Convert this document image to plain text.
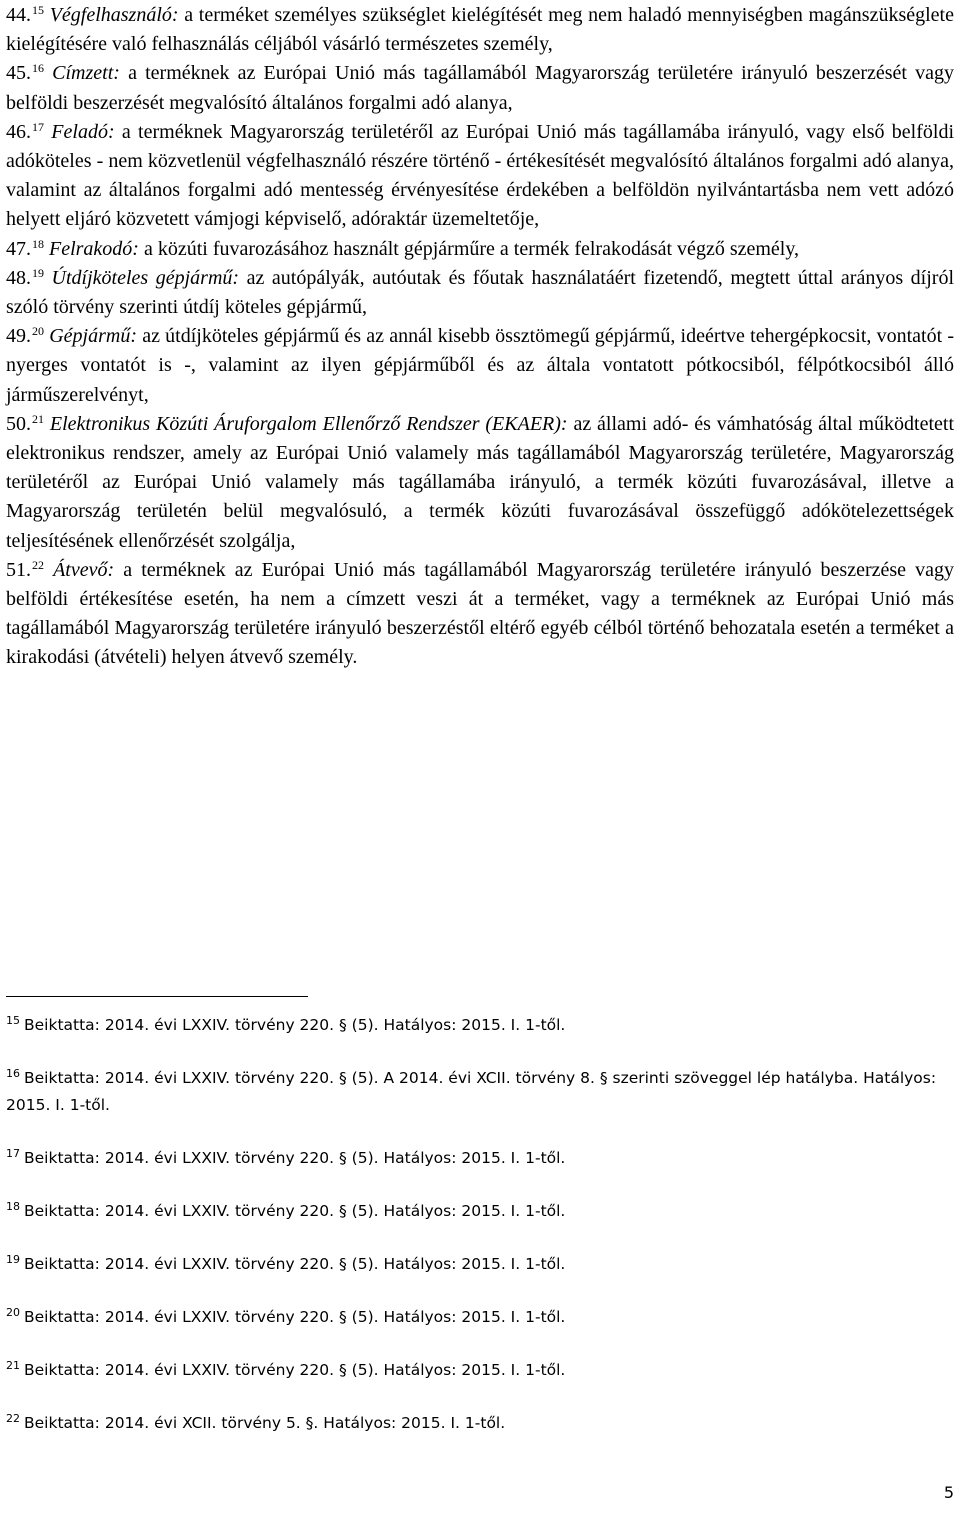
44.15 Végfelhasználó: a terméket személyes szükséglet kielégítését meg nem haladó mennyiségben magánszükséglete kielégítésére való felhasználás céljából vásárló természetes személy,

45.16 Címzett: a terméknek az Európai Unió más tagállamából Magyarország területére irányuló beszerzését vagy belföldi beszerzését megvalósító általános forgalmi adó alanya,

46.17 Feladó: a terméknek Magyarország területéről az Európai Unió más tagállamába irányuló, vagy első belföldi adóköteles - nem közvetlenül végfelhasználó részére történő - értékesítését megvalósító általános forgalmi adó alanya, valamint az általános forgalmi adó mentesség érvényesítése érdekében a belföldön nyilvántartásba nem vett adózó helyett eljáró közvetett vámjogi képviselő, adóraktár üzemeltetője,

47.18 Felrakodó: a közúti fuvarozásához használt gépjárműre a termék felrakodását végző személy,

48.19 Útdíjköteles gépjármű: az autópályák, autóutak és főutak használatáért fizetendő, megtett úttal arányos díjról szóló törvény szerinti útdíj köteles gépjármű,

49.20 Gépjármű: az útdíjköteles gépjármű és az annál kisebb össztömegű gépjármű, ideértve tehergépkocsit, vontatót - nyerges vontatót is -, valamint az ilyen gépjárműből és az általa vontatott pótkocsiból, félpótkocsiból álló járműszerelvényt,

50.21 Elektronikus Közúti Áruforgalom Ellenőrző Rendszer (EKAER): az állami adó- és vámhatóság által működtetett elektronikus rendszer, amely az Európai Unió valamely más tagállamából Magyarország területére, Magyarország területéről az Európai Unió valamely más tagállamába irányuló, a termék közúti fuvarozásával, illetve a Magyarország területén belül megvalósuló, a termék közúti fuvarozásával összefüggő adókötelezettségek teljesítésének ellenőrzését szolgálja,

51.22 Átvevő: a terméknek az Európai Unió más tagállamából Magyarország területére irányuló beszerzése vagy belföldi értékesítése esetén, ha nem a címzett veszi át a terméket, vagy a terméknek az Európai Unió más tagállamából Magyarország területére irányuló beszerzéstől eltérő egyéb célból történő behozatala esetén a terméket a kirakodási (átvételi) helyen átvevő személy.

$^{15}$ Beiktatta: 2014. évi LXXIV. törvény 220. § (5). Hatályos: 2015. I. 1-től.

$^{16}$ Beiktatta: 2014. évi LXXIV. törvény 220. § (5). A 2014. évi XCII. törvény 8. § szerinti szöveggel lép hatályba. Hatályos: 2015. I. 1-től.

$^{17}$ Beiktatta: 2014. évi LXXIV. törvény 220. § (5). Hatályos: 2015. I. 1-től.

$^{18}$ Beiktatta: 2014. évi LXXIV. törvény 220. § (5). Hatályos: 2015. I. 1-től.

$^{19}$ Beiktatta: 2014. évi LXXIV. törvény 220. § (5). Hatályos: 2015. I. 1-től.

$^{20}$ Beiktatta: 2014. évi LXXIV. törvény 220. § (5). Hatályos: 2015. I. 1-től.

$^{21}$ Beiktatta: 2014. évi LXXIV. törvény 220. § (5). Hatályos: 2015. I. 1-től.

$^{22}$ Beiktatta: 2014. évi XCII. törvény 5. §. Hatályos: 2015. I. 1-től.

5
